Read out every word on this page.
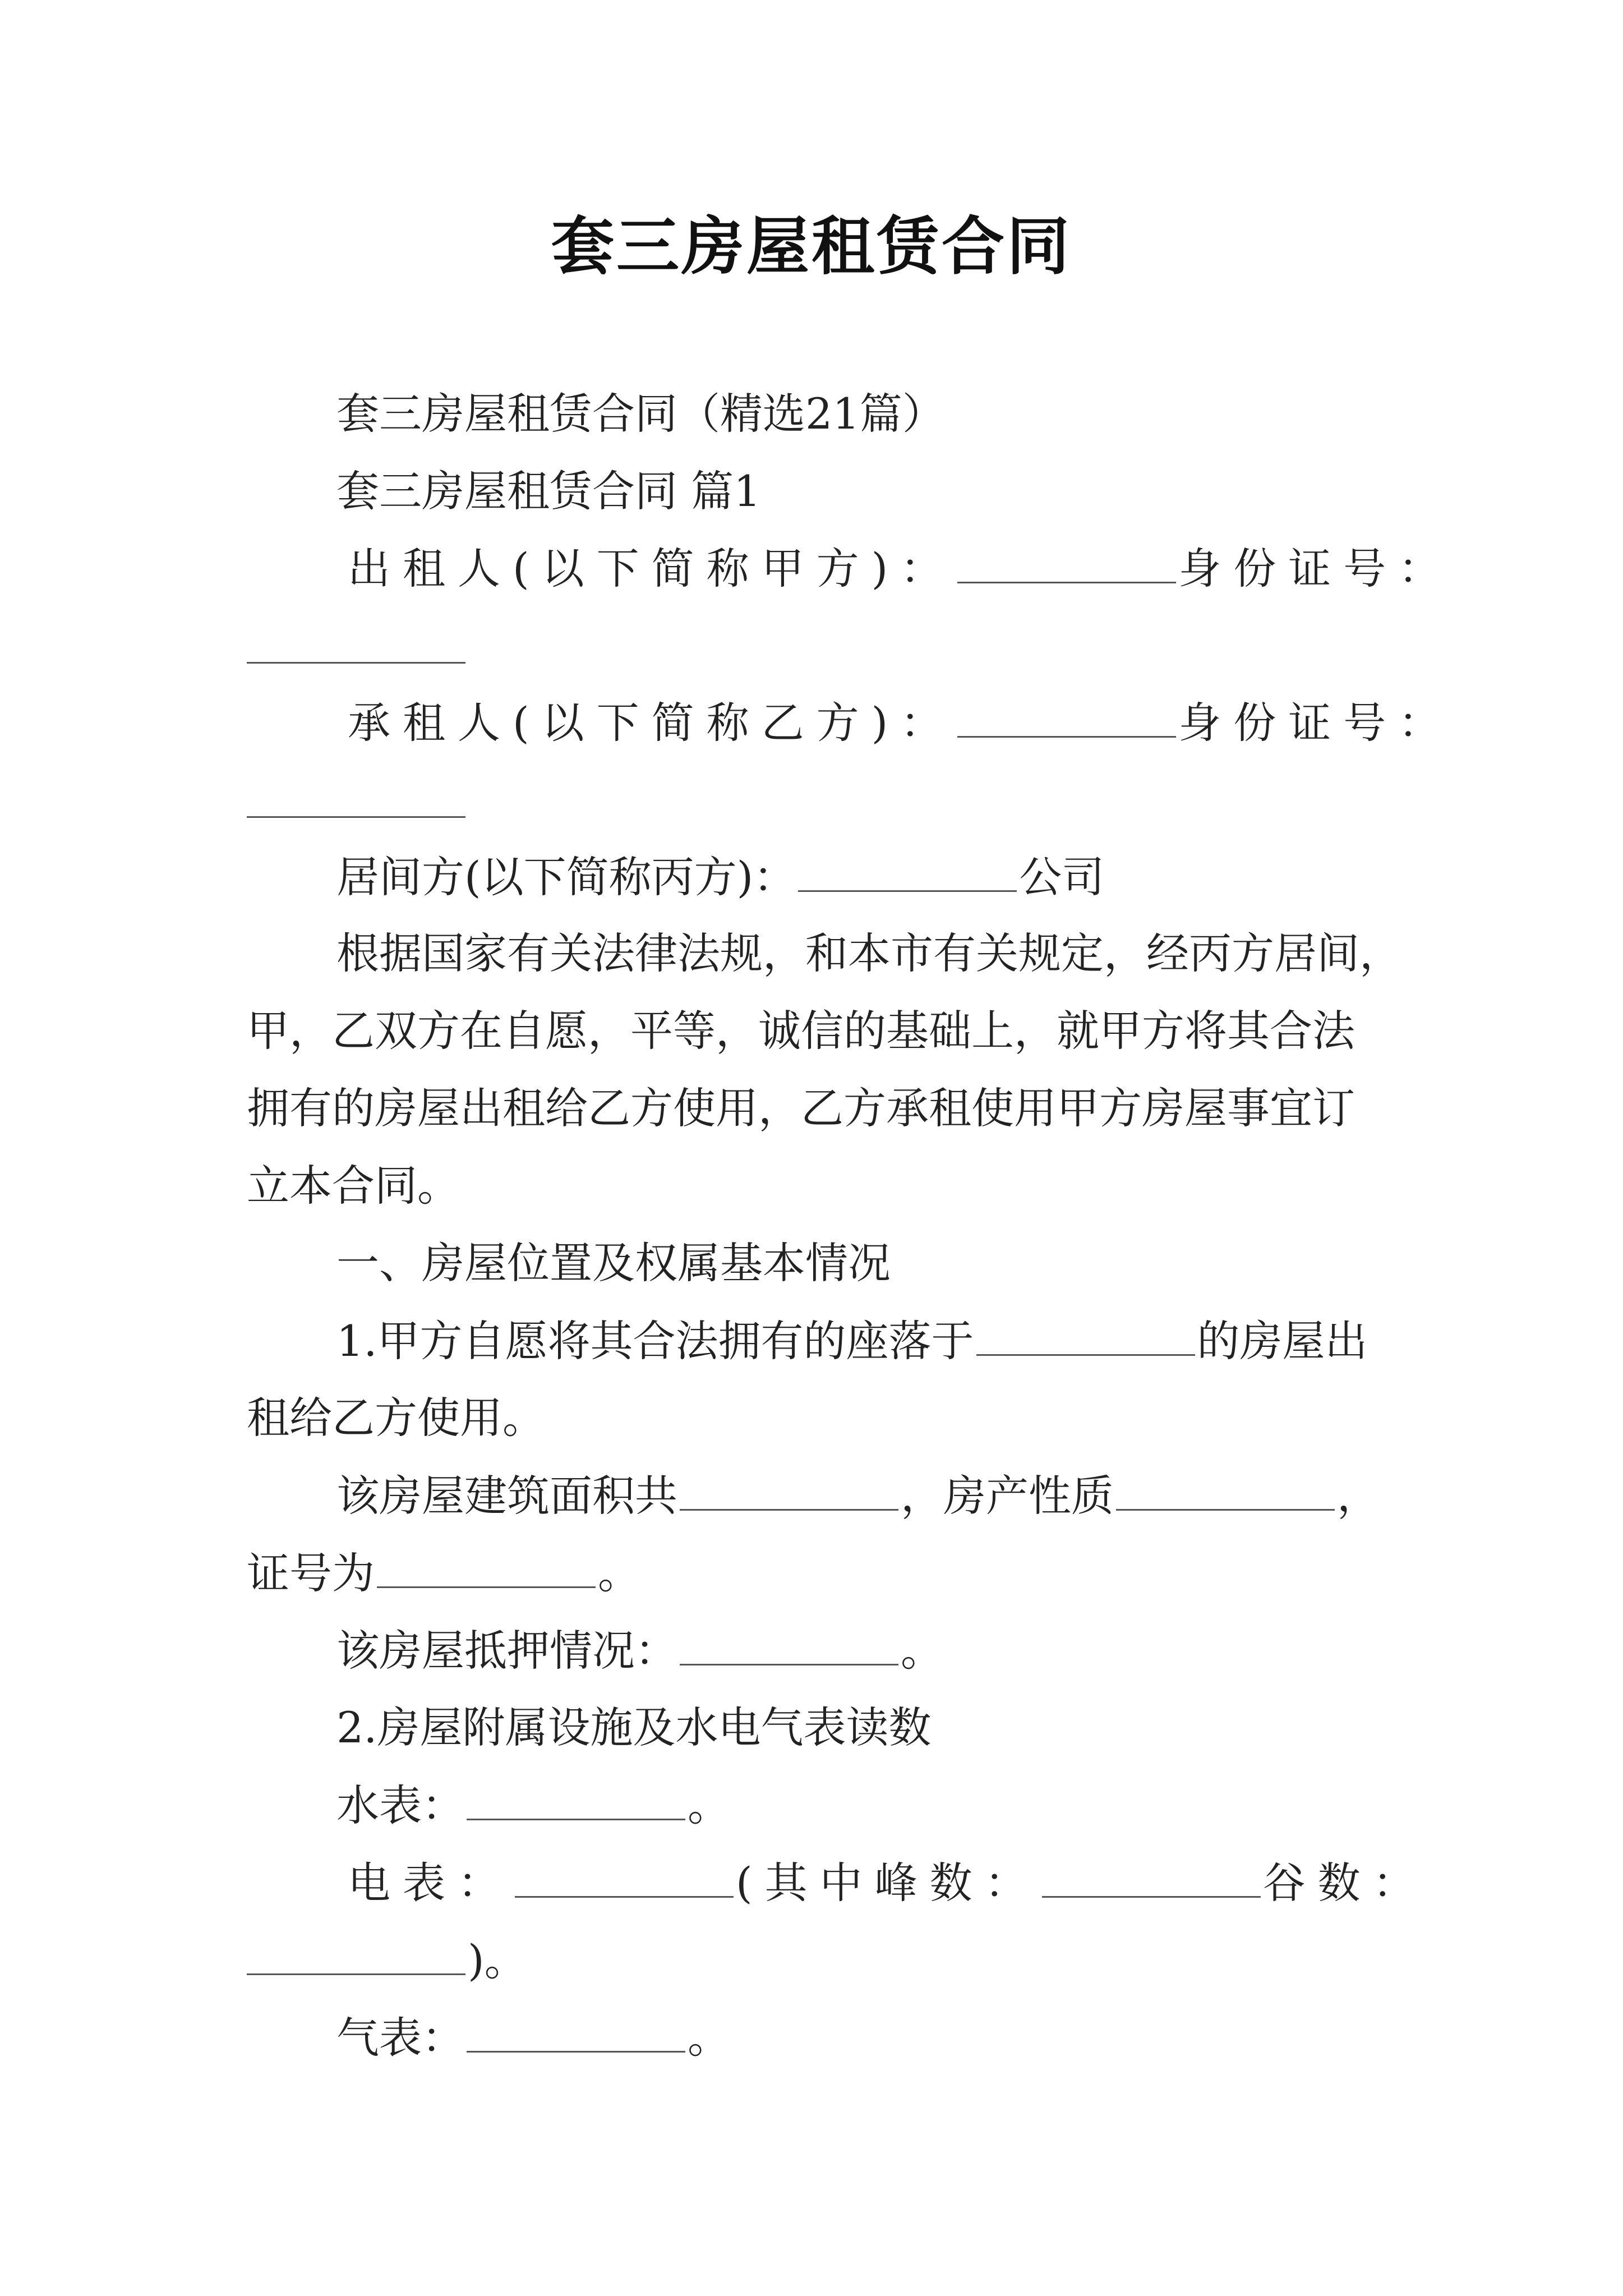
套三房屋租赁合同
套三房屋租赁合同（精选21篇）
套三房屋租赁合同 篇1
出租人(以下简称甲方)：	身份证号：
承租人(以下简称乙方)：	身份证号：
居间方(以下简称丙方)：	公司
根据国家有关法律法规，和本市有关规定，经丙方居间，
甲，乙双方在自愿，平等，诚信的基础上，就甲方将其合法
拥有的房屋出租给乙方使用，乙方承租使用甲方房屋事宜订
立本合同。
一、房屋位置及权属基本情况
1.甲方自愿将其合法拥有的座落于	的房屋出
租给乙方使用。
该房屋建筑面积共	，房产性质	，
证号为	。
该房屋抵押情况：	。
2.房屋附属设施及水电气表读数
水表：	。
电表：	(其中峰数：	谷数：
)。
气表：	。
